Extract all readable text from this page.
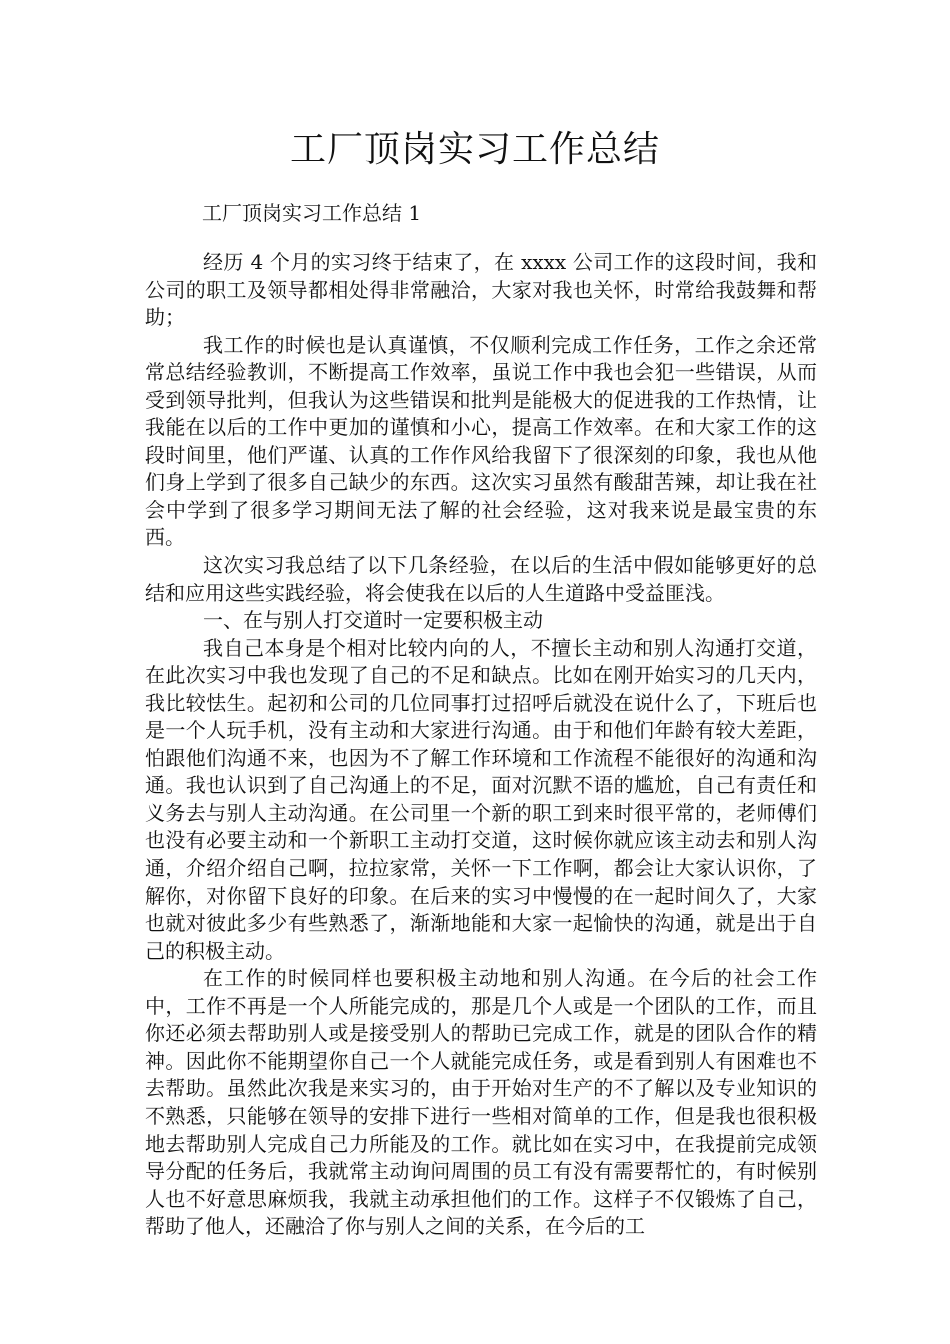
工厂顶岗实习工作总结
工厂顶岗实习工作总结 1

经历 4 个月的实习终于结束了，在 xxxx 公司工作的这段时间，我和公司的职工及领导都相处得非常融洽，大家对我也关怀，时常给我鼓舞和帮助；

我工作的时候也是认真谨慎，不仅顺利完成工作任务，工作之余还常常总结经验教训，不断提高工作效率，虽说工作中我也会犯一些错误，从而受到领导批判，但我认为这些错误和批判是能极大的促进我的工作热情，让我能在以后的工作中更加的谨慎和小心，提高工作效率。在和大家工作的这段时间里，他们严谨、认真的工作作风给我留下了很深刻的印象，我也从他们身上学到了很多自己缺少的东西。这次实习虽然有酸甜苦辣，却让我在社会中学到了很多学习期间无法了解的社会经验，这对我来说是最宝贵的东西。

这次实习我总结了以下几条经验，在以后的生活中假如能够更好的总结和应用这些实践经验，将会使我在以后的人生道路中受益匪浅。

一、在与别人打交道时一定要积极主动

我自己本身是个相对比较内向的人，不擅长主动和别人沟通打交道，在此次实习中我也发现了自己的不足和缺点。比如在刚开始实习的几天内，我比较怯生。起初和公司的几位同事打过招呼后就没在说什么了，下班后也是一个人玩手机，没有主动和大家进行沟通。由于和他们年龄有较大差距，怕跟他们沟通不来，也因为不了解工作环境和工作流程不能很好的沟通和沟通。我也认识到了自己沟通上的不足，面对沉默不语的尴尬，自己有责任和义务去与别人主动沟通。在公司里一个新的职工到来时很平常的，老师傅们也没有必要主动和一个新职工主动打交道，这时候你就应该主动去和别人沟通，介绍介绍自己啊，拉拉家常，关怀一下工作啊，都会让大家认识你，了解你，对你留下良好的印象。在后来的实习中慢慢的在一起时间久了，大家也就对彼此多少有些熟悉了，渐渐地能和大家一起愉快的沟通，就是出于自己的积极主动。

在工作的时候同样也要积极主动地和别人沟通。在今后的社会工作中，工作不再是一个人所能完成的，那是几个人或是一个团队的工作，而且你还必须去帮助别人或是接受别人的帮助已完成工作，就是的团队合作的精神。因此你不能期望你自己一个人就能完成任务，或是看到别人有困难也不去帮助。虽然此次我是来实习的，由于开始对生产的不了解以及专业知识的不熟悉，只能够在领导的安排下进行一些相对简单的工作，但是我也很积极地去帮助别人完成自己力所能及的工作。就比如在实习中，在我提前完成领导分配的任务后，我就常主动询问周围的员工有没有需要帮忙的，有时候别人也不好意思麻烦我，我就主动承担他们的工作。这样子不仅锻炼了自己，帮助了他人，还融洽了你与别人之间的关系，在今后的工
